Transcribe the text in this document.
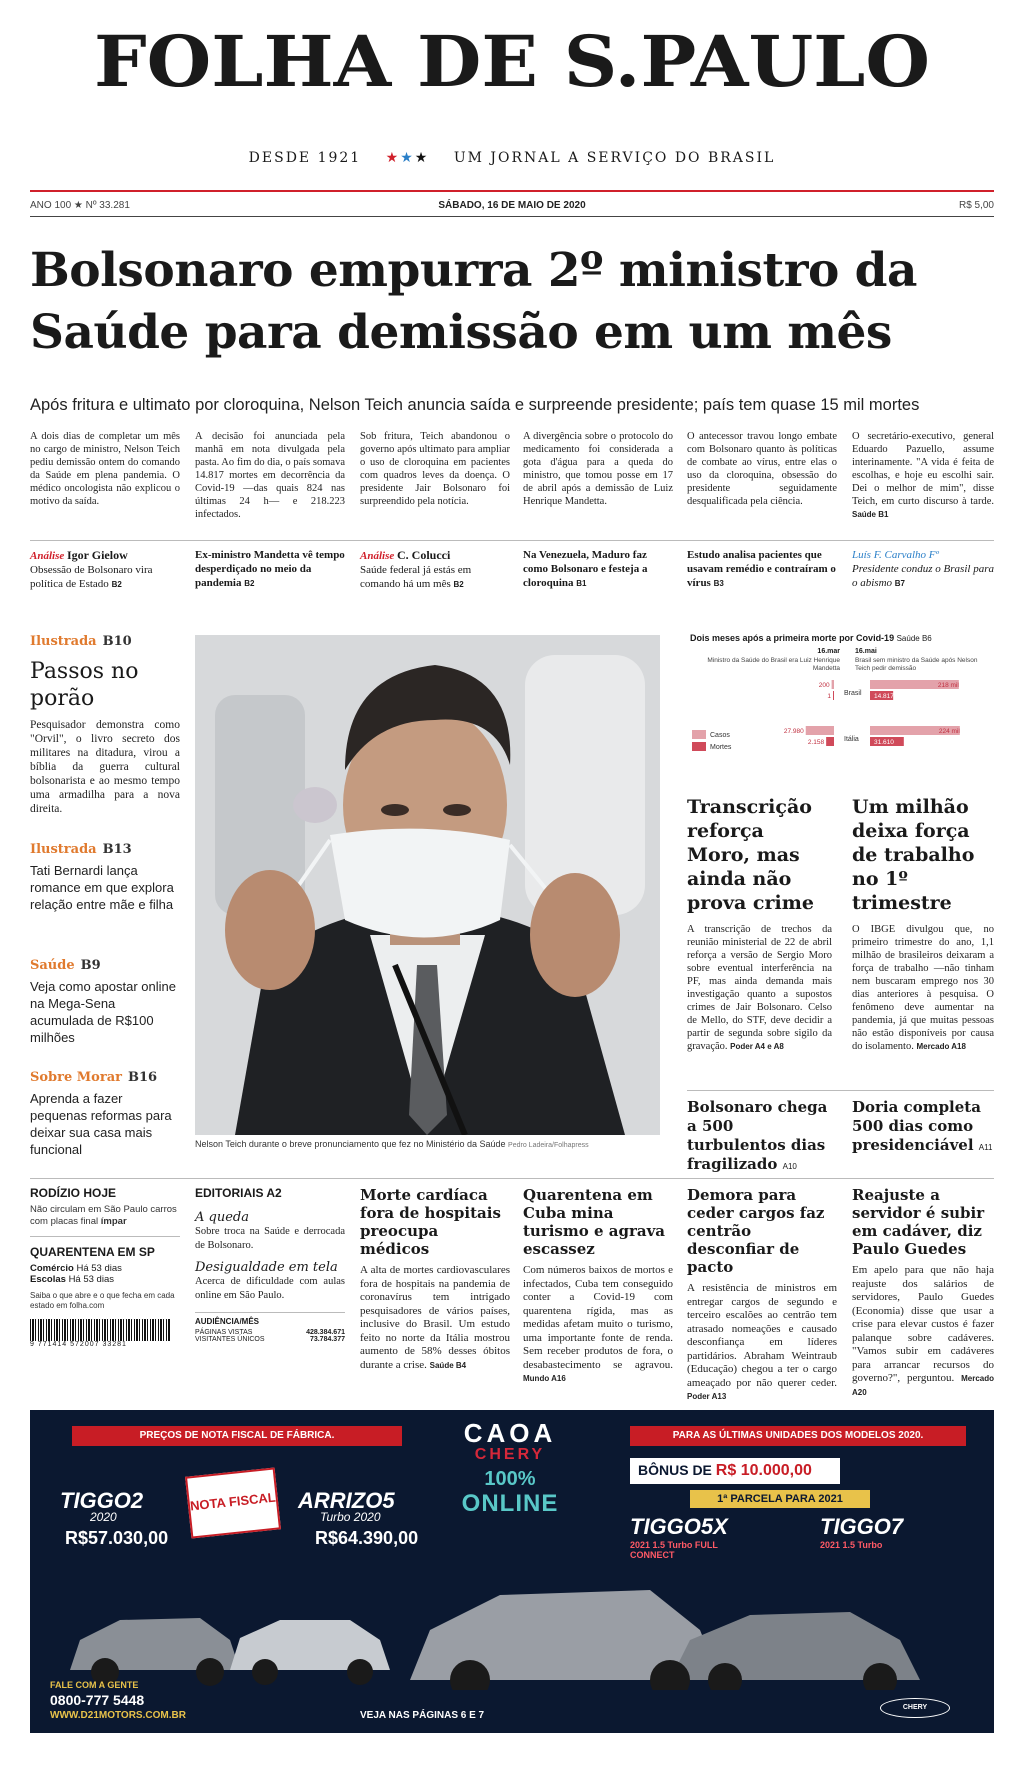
FOLHA DE S.PAULO
DESDE 1921 ★★★ UM JORNAL A SERVIÇO DO BRASIL
ANO 100 ★ Nº 33.281	SÁBADO, 16 DE MAIO DE 2020	R$ 5,00
Bolsonaro empurra 2º ministro da Saúde para demissão em um mês
Após fritura e ultimato por cloroquina, Nelson Teich anuncia saída e surpreende presidente; país tem quase 15 mil mortes
A dois dias de completar um mês no cargo de ministro, Nelson Teich pediu demissão ontem do comando da Saúde em plena pandemia. O médico oncologista não explicou o motivo da saída.
A decisão foi anunciada pela manhã em nota divulgada pela pasta. Ao fim do dia, o país somava 14.817 mortes em decorrência da Covid-19 —das quais 824 nas últimas 24 h— e 218.223 infectados.
Sob fritura, Teich abandonou o governo após ultimato para ampliar o uso de cloroquina em pacientes com quadros leves da doença. O presidente Jair Bolsonaro foi surpreendido pela notícia.
A divergência sobre o protocolo do medicamento foi considerada a gota d'água para a queda do ministro, que tomou posse em 17 de abril após a demissão de Luiz Henrique Mandetta.
O antecessor travou longo embate com Bolsonaro quanto às políticas de combate ao vírus, entre elas o uso da cloroquina, obsessão do presidente seguidamente desqualificada pela ciência.
O secretário-executivo, general Eduardo Pazuello, assume interinamente. "A vida é feita de escolhas, e hoje eu escolhi sair. Dei o melhor de mim", disse Teich, em curto discurso à tarde. Saúde B1
Análise Igor Gielow
Obsessão de Bolsonaro vira política de Estado B2
Ex-ministro Mandetta vê tempo desperdiçado no meio da pandemia B2
Análise C. Colucci
Saúde federal já estás em comando há um mês B2
Na Venezuela, Maduro faz como Bolsonaro e festeja a cloroquina B1
Estudo analisa pacientes que usavam remédio e contraíram o vírus B3
Luís F. Carvalho Fº
Presidente conduz o Brasil para o abismo B7
Ilustrada B10
Passos no porão
Pesquisador demonstra como "Orvil", o livro secreto dos militares na ditadura, virou a bíblia da guerra cultural bolsonarista e ao mesmo tempo uma armadilha para a nova direita.
Ilustrada B13
Tati Bernardi lança romance em que explora relação entre mãe e filha
Saúde B9
Veja como apostar online na Mega-Sena acumulada de R$100 milhões
Sobre Morar B16
Aprenda a fazer pequenas reformas para deixar sua casa mais funcional	Nelson Teich durante o breve pronunciamento que fez no Ministério da Saúde Pedro Ladeira/Folhapress
Dois meses após a primeira morte por Covid-19 Saúde B6
16.mar
Ministro da Saúde do Brasil era Luiz Henrique Mandetta
16.mai
Brasil sem ministro da Saúde após Nelson Teich pedir demissão
Brasil
200	218 mil
1	14.817
Itália
27.980	224 mil
2.158	31.610
Casos
Mortes
Transcrição reforça Moro, mas ainda não prova crime
A transcrição de trechos da reunião ministerial de 22 de abril reforça a versão de Sergio Moro sobre eventual interferência na PF, mas ainda demanda mais investigação quanto a supostos crimes de Jair Bolsonaro. Celso de Mello, do STF, deve decidir a partir de segunda sobre sigilo da gravação. Poder A4 e A8
Um milhão deixa força de trabalho no 1º trimestre
O IBGE divulgou que, no primeiro trimestre do ano, 1,1 milhão de brasileiros deixaram a força de trabalho —não tinham nem buscaram emprego nos 30 dias anteriores à pesquisa. O fenômeno deve aumentar na pandemia, já que muitas pessoas não estão disponíveis por causa do isolamento. Mercado A18
Bolsonaro chega a 500 turbulentos dias fragilizado A10
Doria completa 500 dias como presidenciável A11
RODÍZIO HOJE
Não circulam em São Paulo carros com placas final ímpar
QUARENTENA EM SP
Comércio Há 53 dias
Escolas Há 53 dias
Saiba o que abre e o que fecha em cada estado em folha.com
9 771414 572007 33281
EDITORIAIS A2
A queda
Sobre troca na Saúde e derrocada de Bolsonaro.
Desigualdade em tela
Acerca de dificuldade com aulas online em São Paulo.
AUDIÊNCIA/MÊS
PÁGINAS VISTAS	428.384.671
VISITANTES ÚNICOS	73.784.377
Morte cardíaca fora de hospitais preocupa médicos
A alta de mortes cardiovasculares fora de hospitais na pandemia de coronavírus tem intrigado pesquisadores de vários países, inclusive do Brasil. Um estudo feito no norte da Itália mostrou aumento de 58% desses óbitos durante a crise. Saúde B4
Quarentena em Cuba mina turismo e agrava escassez
Com números baixos de mortos e infectados, Cuba tem conseguido conter a Covid-19 com quarentena rígida, mas as medidas afetam muito o turismo, uma importante fonte de renda. Sem receber produtos de fora, o desabastecimento se agravou. Mundo A16
Demora para ceder cargos faz centrão desconfiar de pacto
A resistência de ministros em entregar cargos de segundo e terceiro escalões ao centrão tem atrasado nomeações e causado desconfiança em líderes partidários. Abraham Weintraub (Educação) chegou a ter o cargo ameaçado por não querer ceder. Poder A13
Reajuste a servidor é subir em cadáver, diz Paulo Guedes
Em apelo para que não haja reajuste dos salários de servidores, Paulo Guedes (Economia) disse que usar a crise para elevar custos é fazer palanque sobre cadáveres. "Vamos subir em cadáveres para arrancar recursos do governo?", perguntou. Mercado A20
PREÇOS DE NOTA FISCAL DE FÁBRICA.	PARA AS ÚLTIMAS UNIDADES DOS MODELOS 2020.
CAOA
CHERY
100%
ONLINE
TIGGO2
2020
R$57.030,00
NOTA FISCAL ARRIZO5
Turbo 2020
R$64.390,00
BÔNUS DE R$ 10.000,00
1ª PARCELA PARA 2021
TIGGO5X
2021 1.5 Turbo FULL CONNECT
TIGGO7
2021 1.5 Turbo
FALE COM A GENTE
0800-777 5448
WWW.D21MOTORS.COM.BR	VEJA NAS PÁGINAS 6 E 7
CHERY
